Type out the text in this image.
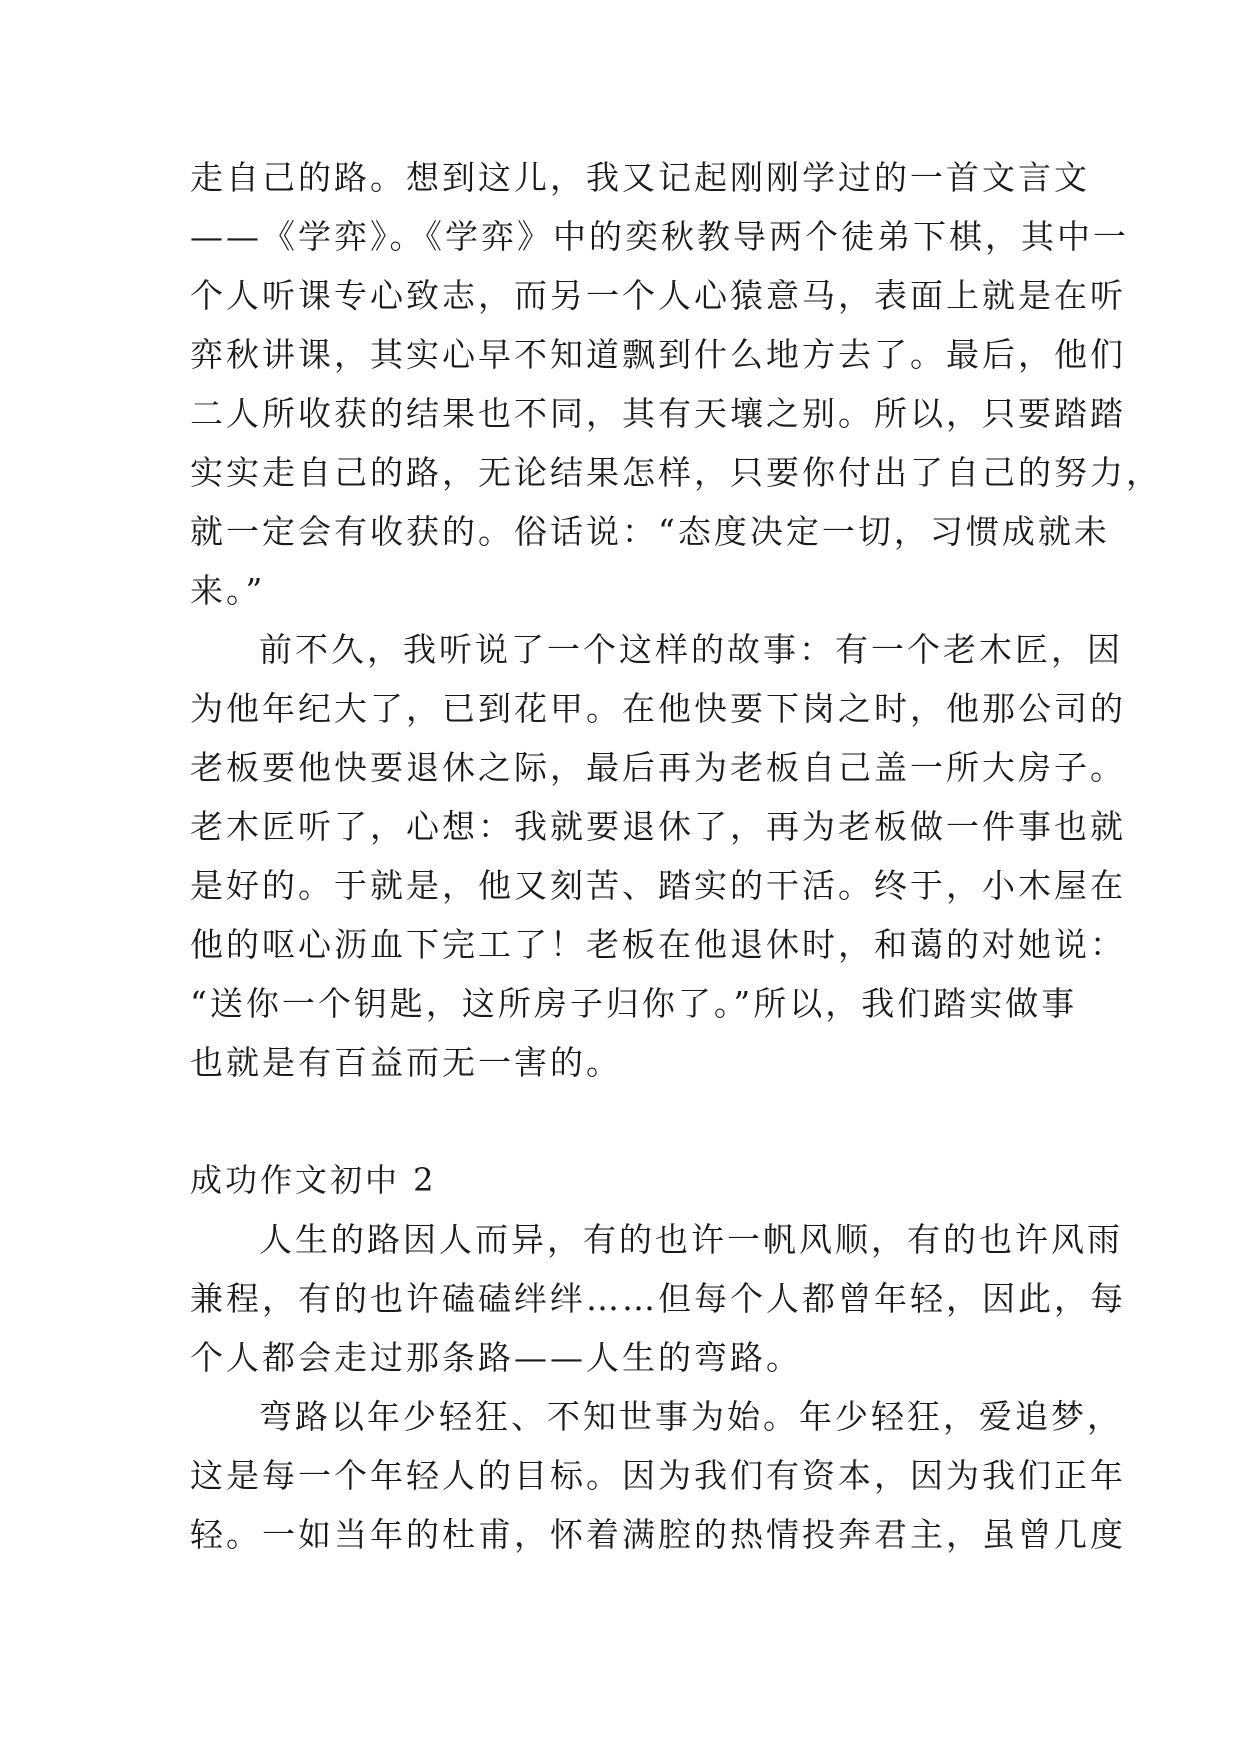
走自己的路。想到这儿，我又记起刚刚学过的一首文言文
——《学弈》。《学弈》中的奕秋教导两个徒弟下棋，其中一
个人听课专心致志，而另一个人心猿意马，表面上就是在听
弈秋讲课，其实心早不知道飘到什么地方去了。最后，他们
二人所收获的结果也不同，其有天壤之别。所以，只要踏踏
实实走自己的路，无论结果怎样，只要你付出了自己的努力，
就一定会有收获的。俗话说：“态度决定一切，习惯成就未
来。”
前不久，我听说了一个这样的故事：有一个老木匠，因
为他年纪大了，已到花甲。在他快要下岗之时，他那公司的
老板要他快要退休之际，最后再为老板自己盖一所大房子。
老木匠听了，心想：我就要退休了，再为老板做一件事也就
是好的。于就是，他又刻苦、踏实的干活。终于，小木屋在
他的呕心沥血下完工了！老板在他退休时，和蔼的对她说：
“送你一个钥匙，这所房子归你了。”所以，我们踏实做事
也就是有百益而无一害的。
成功作文初中 2
人生的路因人而异，有的也许一帆风顺，有的也许风雨
兼程，有的也许磕磕绊绊……但每个人都曾年轻，因此，每
个人都会走过那条路——人生的弯路。
弯路以年少轻狂、不知世事为始。年少轻狂，爱追梦，
这是每一个年轻人的目标。因为我们有资本，因为我们正年
轻。一如当年的杜甫，怀着满腔的热情投奔君主，虽曾几度
